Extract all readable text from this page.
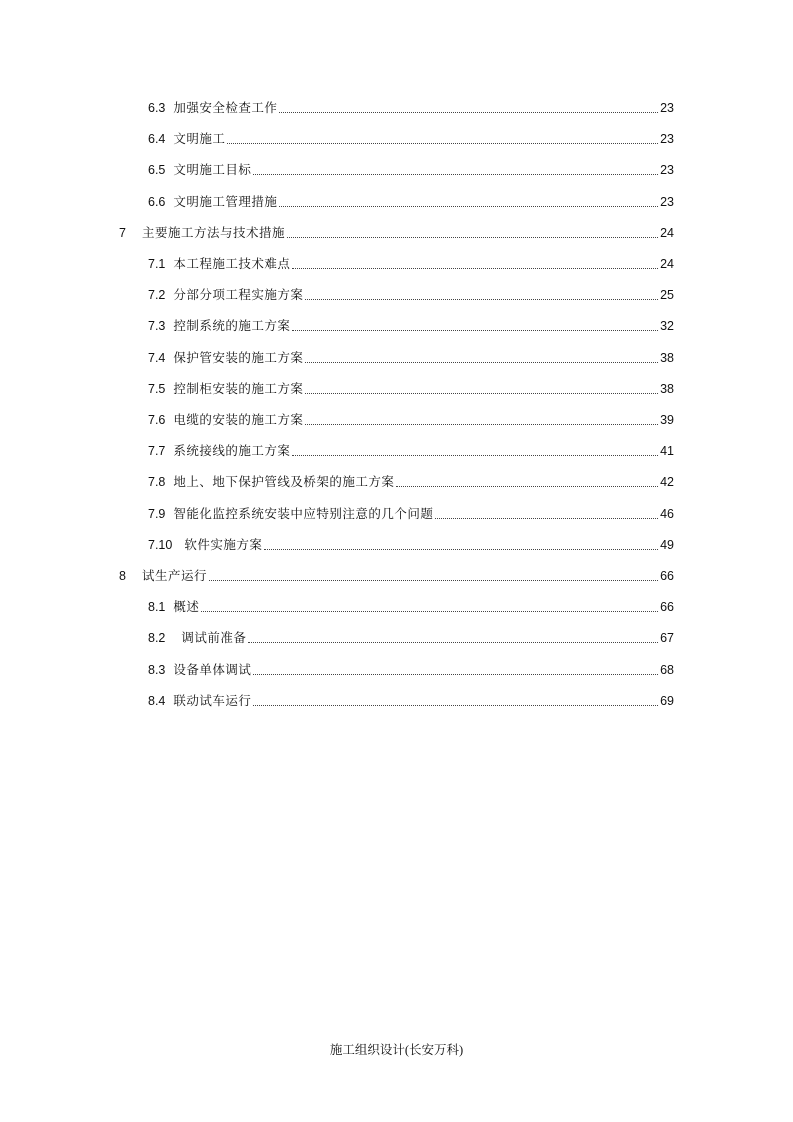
6.3 加强安全检查工作	23
6.4 文明施工	23
6.5 文明施工目标	23
6.6 文明施工管理措施	23
7	主要施工方法与技术措施	24
7.1 本工程施工技术难点	24
7.2 分部分项工程实施方案	25
7.3 控制系统的施工方案	32
7.4 保护管安装的施工方案	38
7.5 控制柜安装的施工方案	38
7.6 电缆的安装的施工方案	39
7.7 系统接线的施工方案	41
7.8 地上、地下保护管线及桥架的施工方案	42
7.9 智能化监控系统安装中应特别注意的几个问题	46
7.10 软件实施方案	49
8	试生产运行	66
8.1 概述	66
8.2 调试前准备	67
8.3 设备单体调试	68
8.4 联动试车运行	69
施工组织设计(长安万科)
